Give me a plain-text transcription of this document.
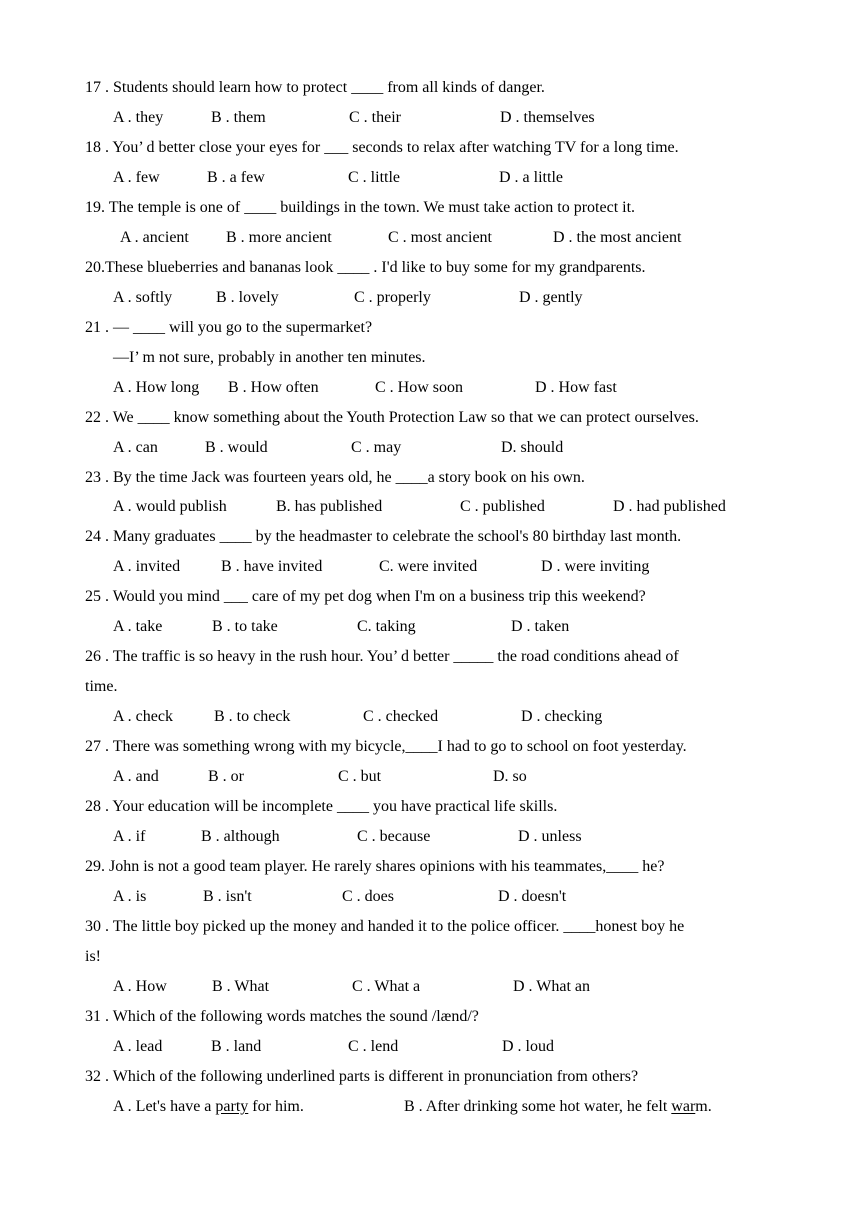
17 . Students should learn how to protect ____ from all kinds of danger.
A . they	B . them	C . their	D . themselves
18 . You’ d better close your eyes for ___ seconds to relax after watching TV for a long time.
A . few	B . a few	C . little	D . a little
19. The temple is one of ____ buildings in the town. We must take action to protect it.
A . ancient B . more ancient	C . most ancient	D . the most ancient
20.These blueberries and bananas look ____ . I'd like to buy some for my grandparents.
A . softly	B . lovely	C . properly	D . gently
21 . — ____ will you go to the supermarket?
—I’ m not sure, probably in another ten minutes.
A . How long B . How often	C . How soon	D . How fast
22 . We ____ know something about the Youth Protection Law so that we can protect ourselves.
A . can	B . would	C . may	D. should
23 . By the time Jack was fourteen years old, he ____a story book on his own.
A . would publish	B. has published	C . published	D . had published
24 . Many graduates ____ by the headmaster to celebrate the school's 80 birthday last month.
A . invited	B . have invited	C. were invited	D . were inviting
25 . Would you mind ___ care of my pet dog when I'm on a business trip this weekend?
A . take	B . to take	C. taking	D . taken
26 . The traffic is so heavy in the rush hour. You’ d better _____ the road conditions ahead of
time.
A . check	B . to check	C . checked	D . checking
27 . There was something wrong with my bicycle,____I had to go to school on foot yesterday.
A . and	B . or	C . but	D. so
28 . Your education will be incomplete ____ you have practical life skills.
A . if	B . although	C . because	D . unless
29. John is not a good team player. He rarely shares opinions with his teammates,____ he?
A . is	B . isn't	C . does	D . doesn't
30 . The little boy picked up the money and handed it to the police officer. ____honest boy he
is!
A . How	B . What	C . What a	D . What an
31 . Which of the following words matches the sound /lænd/?
A . lead	B . land	C . lend	D . loud
32 . Which of the following underlined parts is different in pronunciation from others?
A . Let's have a party for him.	B . After drinking some hot water, he felt warm.
